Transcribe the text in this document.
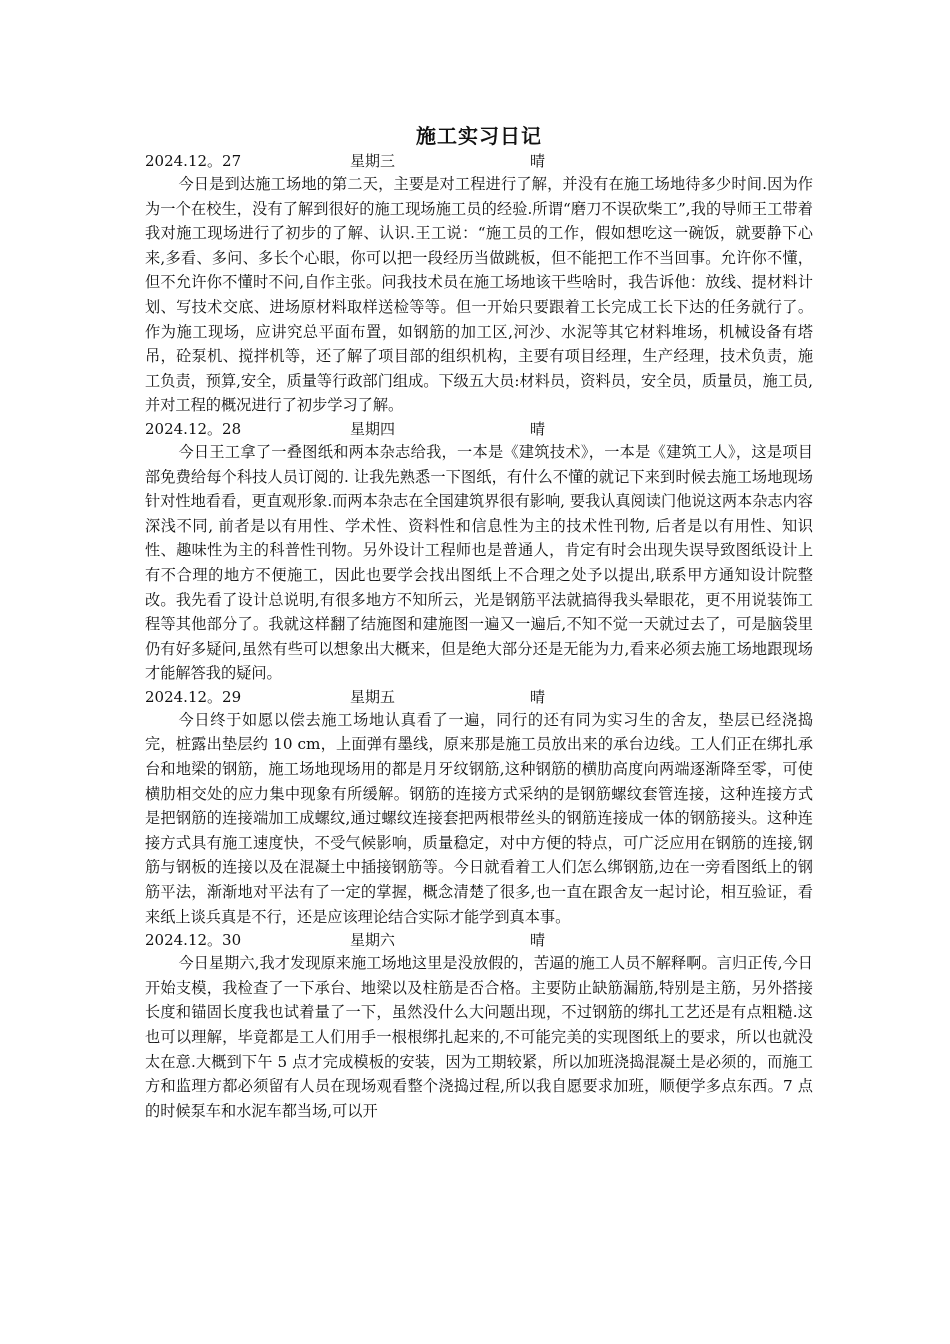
施工实习日记
2024.12。27	星期三	晴

今日是到达施工场地的第二天，主要是对工程进行了解，并没有在施工场地待多少时间.因为作为一个在校生，没有了解到很好的施工现场施工员的经验.所谓“磨刀不误砍柴工”,我的导师王工带着我对施工现场进行了初步的了解、认识.王工说：“施工员的工作，假如想吃这一碗饭，就要静下心来,多看、多问、多长个心眼，你可以把一段经历当做跳板，但不能把工作不当回事。允许你不懂，但不允许你不懂时不问,自作主张。问我技术员在施工场地该干些啥时，我告诉他：放线、提材料计划、写技术交底、进场原材料取样送检等等。但一开始只要跟着工长完成工长下达的任务就行了。作为施工现场，应讲究总平面布置，如钢筋的加工区,河沙、水泥等其它材料堆场，机械设备有塔吊，砼泵机、搅拌机等，还了解了项目部的组织机构，主要有项目经理，生产经理，技术负责，施工负责，预算,安全，质量等行政部门组成。下级五大员:材料员，资料员，安全员，质量员，施工员,并对工程的概况进行了初步学习了解。

2024.12。28	星期四	晴

今日王工拿了一叠图纸和两本杂志给我，一本是《建筑技术》，一本是《建筑工人》，这是项目部免费给每个科技人员订阅的. 让我先熟悉一下图纸，有什么不懂的就记下来到时候去施工场地现场针对性地看看，更直观形象.而两本杂志在全国建筑界很有影响, 要我认真阅读门他说这两本杂志内容深浅不同, 前者是以有用性、学术性、资料性和信息性为主的技术性刊物, 后者是以有用性、知识性、趣味性为主的科普性刊物。另外设计工程师也是普通人，肯定有时会出现失误导致图纸设计上有不合理的地方不便施工，因此也要学会找出图纸上不合理之处予以提出,联系甲方通知设计院整改。我先看了设计总说明,有很多地方不知所云，光是钢筋平法就搞得我头晕眼花，更不用说装饰工程等其他部分了。我就这样翻了结施图和建施图一遍又一遍后,不知不觉一天就过去了，可是脑袋里仍有好多疑问,虽然有些可以想象出大概来，但是绝大部分还是无能为力,看来必须去施工场地跟现场才能解答我的疑问。

2024.12。29	星期五	晴

今日终于如愿以偿去施工场地认真看了一遍，同行的还有同为实习生的舍友，垫层已经浇捣完，桩露出垫层约 10 cm，上面弹有墨线，原来那是施工员放出来的承台边线。工人们正在绑扎承台和地梁的钢筋，施工场地现场用的都是月牙纹钢筋,这种钢筋的横肋高度向两端逐渐降至零，可使横肋相交处的应力集中现象有所缓解。钢筋的连接方式采纳的是钢筋螺纹套管连接，这种连接方式是把钢筋的连接端加工成螺纹,通过螺纹连接套把两根带丝头的钢筋连接成一体的钢筋接头。这种连接方式具有施工速度快，不受气候影响，质量稳定，对中方便的特点，可广泛应用在钢筋的连接,钢筋与钢板的连接以及在混凝土中插接钢筋等。今日就看着工人们怎么绑钢筋,边在一旁看图纸上的钢筋平法，渐渐地对平法有了一定的掌握，概念清楚了很多,也一直在跟舍友一起讨论，相互验证，看来纸上谈兵真是不行，还是应该理论结合实际才能学到真本事。

2024.12。30	星期六	晴

今日星期六,我才发现原来施工场地这里是没放假的，苦逼的施工人员不解释啊。言归正传,今日开始支模，我检查了一下承台、地梁以及柱筋是否合格。主要防止缺筋漏筋,特别是主筋，另外搭接长度和锚固长度我也试着量了一下，虽然没什么大问题出现，不过钢筋的绑扎工艺还是有点粗糙.这也可以理解，毕竟都是工人们用手一根根绑扎起来的,不可能完美的实现图纸上的要求，所以也就没太在意.大概到下午 5 点才完成模板的安装，因为工期较紧，所以加班浇捣混凝土是必须的，而施工方和监理方都必须留有人员在现场观看整个浇捣过程,所以我自愿要求加班，顺便学多点东西。7 点的时候泵车和水泥车都当场,可以开
